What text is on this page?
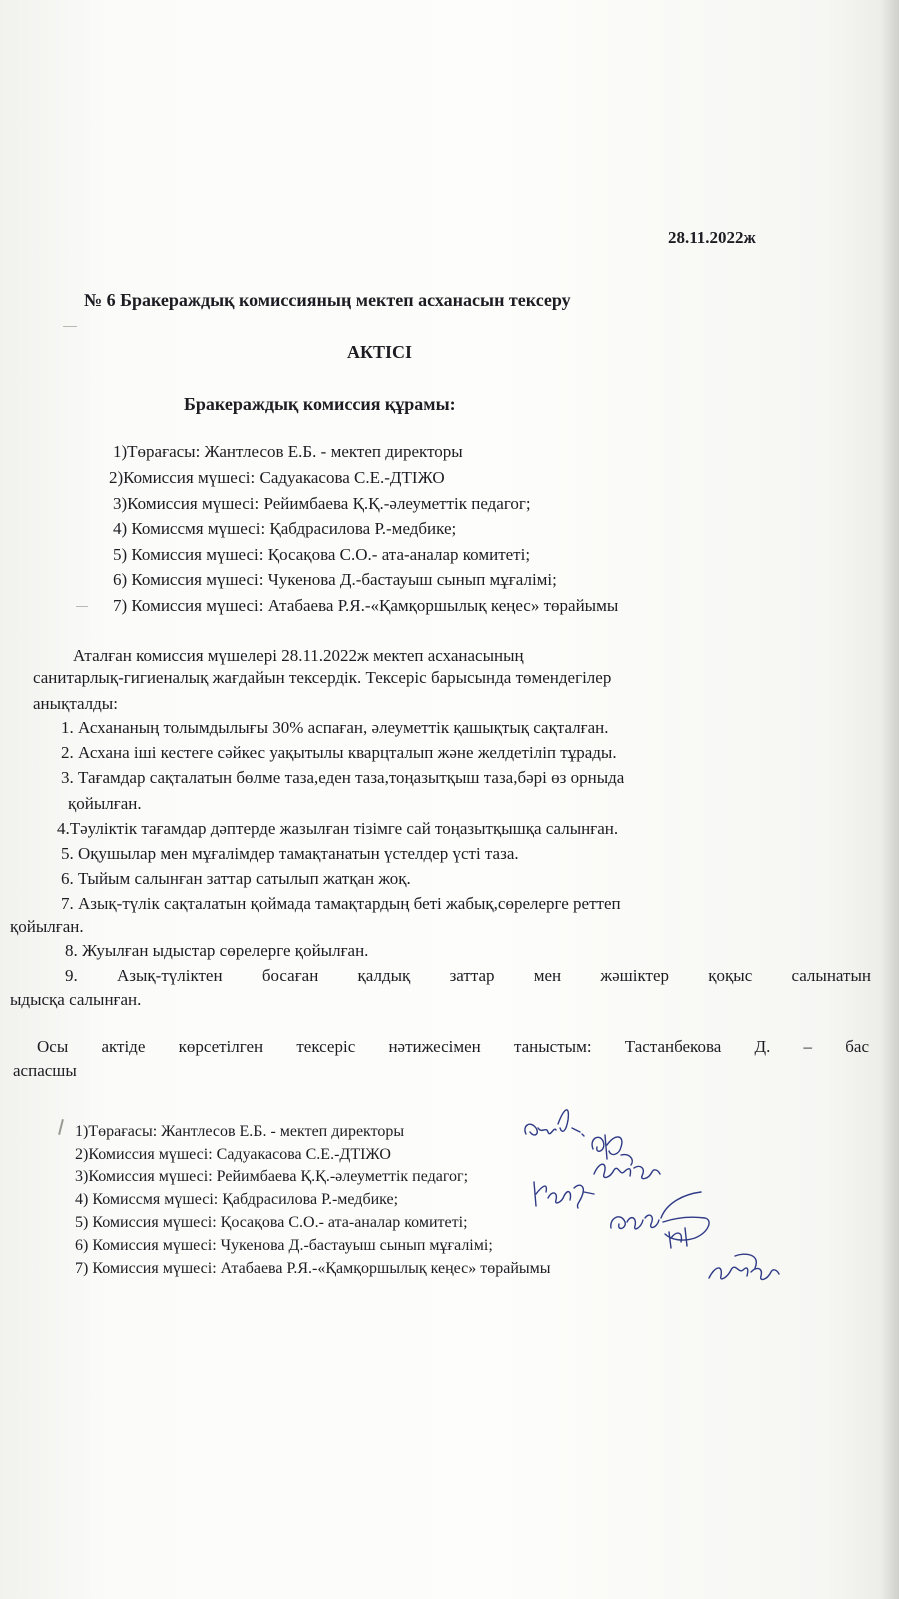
28.11.2022ж
№ 6 Бракераждық комиссияның мектеп асханасын тексеру
АКТІСІ
Бракераждық комиссия құрамы:
1)Төрағасы: Жантлесов Е.Б. - мектеп директоры
2)Комиссия мүшесі: Садуакасова С.Е.-ДТІЖО
3)Комиссия мүшесі: Рейимбаева Қ.Қ.-әлеуметтік педагог;
4) Комиссмя мүшесі: Қабдрасилова Р.-медбике;
5) Комиссия мүшесі: Қосақова С.О.- ата-аналар комитеті;
6) Комиссия мүшесі: Чукенова Д.-бастауыш сынып мұғалімі;
7) Комиссия мүшесі: Атабаева Р.Я.-«Қамқоршылық кеңес» төрайымы
Аталған комиссия мүшелері 28.11.2022ж мектеп асханасының
санитарлық-гигиеналық жағдайын тексердік. Тексеріс барысында төмендегілер
анықталды:
1. Асхананың толымдылығы 30% аспаған, әлеуметтік қашықтық сақталған.
2. Асхана іші кестеге сәйкес уақытылы кварцталып және желдетіліп тұрады.
3. Тағамдар сақталатын бөлме таза,еден таза,тоңазытқыш таза,бәрі өз орныда
қойылған.
4.Тәуліктік тағамдар дәптерде жазылған тізімге сай тоңазытқышқа салынған.
5. Оқушылар мен мұғалімдер тамақтанатын үстелдер үсті таза.
6. Тыйым салынған заттар сатылып жатқан жоқ.
7. Азық-түлік сақталатын қоймада тамақтардың беті жабық,сөрелерге реттеп
қойылған.
8. Жуылған ыдыстар сөрелерге қойылған.
9. Азық-түліктен босаған қалдық заттар мен жәшіктер қоқыс салынатын
ыдысқа салынған.
Осы актіде көрсетілген тексеріс нәтижесімен таныстым: Тастанбекова Д. – бас
аспасшы
1)Төрағасы: Жантлесов Е.Б. - мектеп директоры
2)Комиссия мүшесі: Садуакасова С.Е.-ДТІЖО
3)Комиссия мүшесі: Рейимбаева Қ.Қ.-әлеуметтік педагог;
4) Комиссмя мүшесі: Қабдрасилова Р.-медбике;
5) Комиссия мүшесі: Қосақова С.О.- ата-аналар комитеті;
6) Комиссия мүшесі: Чукенова Д.-бастауыш сынып мұғалімі;
7) Комиссия мүшесі: Атабаева Р.Я.-«Қамқоршылық кеңес» төрайымы
